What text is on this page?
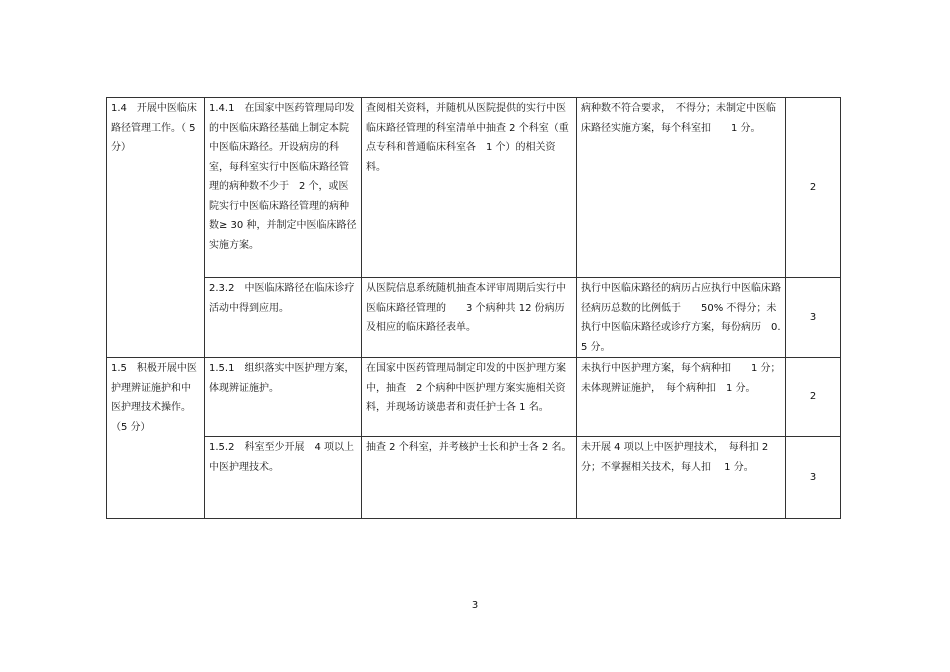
1.4　开展中医临床路径管理工作。（ 5 分）	1.4.1　在国家中医药管理局印发的中医临床路径基础上制定本院中医临床路径。开设病房的科室，每科室实行中医临床路径管理的病种数不少于　2 个，或医院实行中医临床路径管理的病种数≥ 30 种，并制定中医临床路径实施方案。	查阅相关资料，并随机从医院提供的实行中医临床路径管理的科室清单中抽查 2 个科室（重点专科和普通临床科室各　1 个）的相关资料。	病种数不符合要求，　不得分；未制定中医临床路径实施方案，每个科室扣　　1 分。	2
	2.3.2　中医临床路径在临床诊疗活动中得到应用。	从医院信息系统随机抽查本评审周期后实行中医临床路径管理的　　3 个病种共 12 份病历及相应的临床路径表单。	执行中医临床路径的病历占应执行中医临床路径病历总数的比例低于　　50% 不得分；未执行中医临床路径或诊疗方案，每份病历　0.5 分。	3
1.5　积极开展中医护理辨证施护和中医护理技术操作。（5 分）	1.5.1　组织落实中医护理方案，体现辨证施护。	在国家中医药管理局制定印发的中医护理方案中，抽查　2 个病种中医护理方案实施相关资料，并现场访谈患者和责任护士各 1 名。	未执行中医护理方案，每个病种扣　　1 分；未体现辨证施护，　每个病种扣　1 分。	2
	1.5.2　科室至少开展　4 项以上中医护理技术。	抽查 2 个科室，并考核护士长和护士各 2 名。	未开展 4 项以上中医护理技术，　每科扣 2 分；不掌握相关技术，每人扣　 1 分。	3
3
